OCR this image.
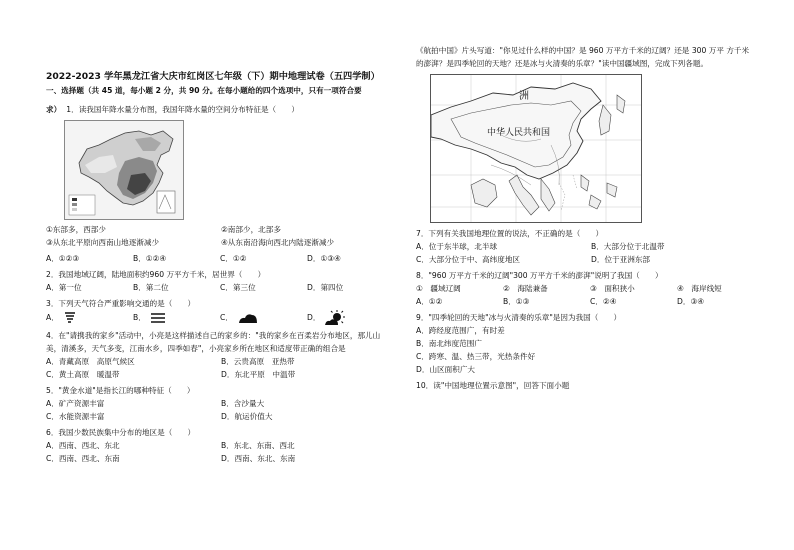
2022-2023 学年黑龙江省大庆市红岗区七年级（下）期中地理试卷（五四学制）
一、选择题（共 45 道，每小题 2 分，共 90 分。在每小题给的四个选项中，只有一项符合要
求） 1．读我国年降水量分布图，我国年降水量的空间分布特征是（　　）
①东部多，西部少	②南部少，北部多
③从东北平原向西南山地逐渐减少	④从东南沿海向西北内陆逐渐减少
A．①②③	B．①②④	C．①②	D．①③④
2．我国地域辽阔，陆地面积约960 万平方千米，居世界（　　）
A．第一位	B．第二位	C．第三位	D．第四位
3．下列天气符合严重影响交通的是（　　）
A．	B．	C．	D．
4．在"请携我的家乡"活动中，小亮是这样描述自己的家乡的："我的家乡在百柔岩分布地区，那儿山
美，清溪多，天气多变，江南水乡，四季如春"，小亮家乡所在地区和适度带正确的组合是
A．青藏高原　高原气候区	B．云贵高原　亚热带
C．黄土高原　暖温带	D．东北平原　中温带
5．"黄金水道"是指长江的哪种特征（　　）
A．矿产资源丰富	B．含沙量大
C．水能资源丰富	D．航运价值大
6．我国少数民族集中分布的地区是（　　）
A．西南、西北、东北	B．东北、东南、西北
C．西南、西北、东南	D．西南、东北、东南
《航拍中国》片头写道："你见过什么样的中国？是 960 万平方千米的辽阔？还是 300 万平 方千米
的澎湃？是四季轮回的天地？还是冰与火清奏的乐章？"读中国疆域图，完成下列各题。
洲
中华人民共和国
7．下列有关我国地理位置的说法，不正确的是（　　）
A．位于东半球，北半球	B．大部分位于北温带
C．大部分位于中、高纬度地区	D．位于亚洲东部
8．"960 万平方千米的辽阔"300 万平方千米的澎湃"说明了我国（　　）
①　疆域辽阔	②　海陆兼备	③　面积狭小	④　海岸线短
A．①②	B．①③	C．②④	D．③④
9．"四季轮回的天地"冰与火清奏的乐章"是因为我国（　　）
A．跨经度范围广，有时差
B．南北纬度范围广
C．跨寒、温、热三带，光热条件好
D．山区面积广大
10．读"中国地理位置示意图"，回答下面小题
